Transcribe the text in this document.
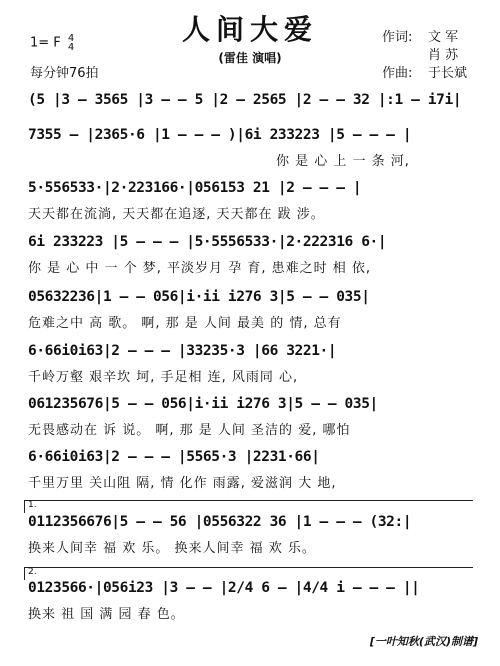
人间大爱
(雷佳 演唱)
1= F 4
4
每分钟76拍
作词: 文 军
肖 苏
作曲: 于长斌
(5 |3 — 3565 |3 — — 5 |2 — 2565 |2 — — 32 |:1 — i7i|
7355 — |2365·6 |1 — — — )|6i 233223 |5 — — — |
你 是 心 上 一 条 河,
5·556533·|2·223166·|056153 21 |2 — — — |
天天都在流淌, 天天都在追逐, 天天都在 跋 涉。
6i 233223 |5 — — — |5·5556533·|2·222316 6·|
你 是 心 中 一 个 梦, 平淡岁月 孕 育, 患难之时 相 依,
05632236|1 — — 056|i·ii i276 3|5 — — 035|
危难之中 高 歌。 啊, 那 是 人间 最美 的 情, 总有
6·66i0i63|2 — — — |33235·3 |66 3221·|
千岭万壑 艰辛坎 坷, 手足相 连, 风雨同 心,
061235676|5 — — 056|i·ii i276 3|5 — — 035|
无畏感动在 诉 说。 啊, 那 是 人间 圣洁的 爱, 哪怕
6·66i0i63|2 — — — |5565·3 |2231·66|
千里万里 关山阻 隔, 情 化作 雨露, 爱滋润 大 地,
1.
0112356676|5 — — 56 |0556322 36 |1 — — — (32:|
换来人间幸 福 欢 乐。 换来人间幸 福 欢 乐。
2.
0123566·|056i23 |3 — — |2/4 6 — |4/4 i — — — ||
换来 祖 国 满 园 春 色。
[一叶知秋(武汉)制谱]
